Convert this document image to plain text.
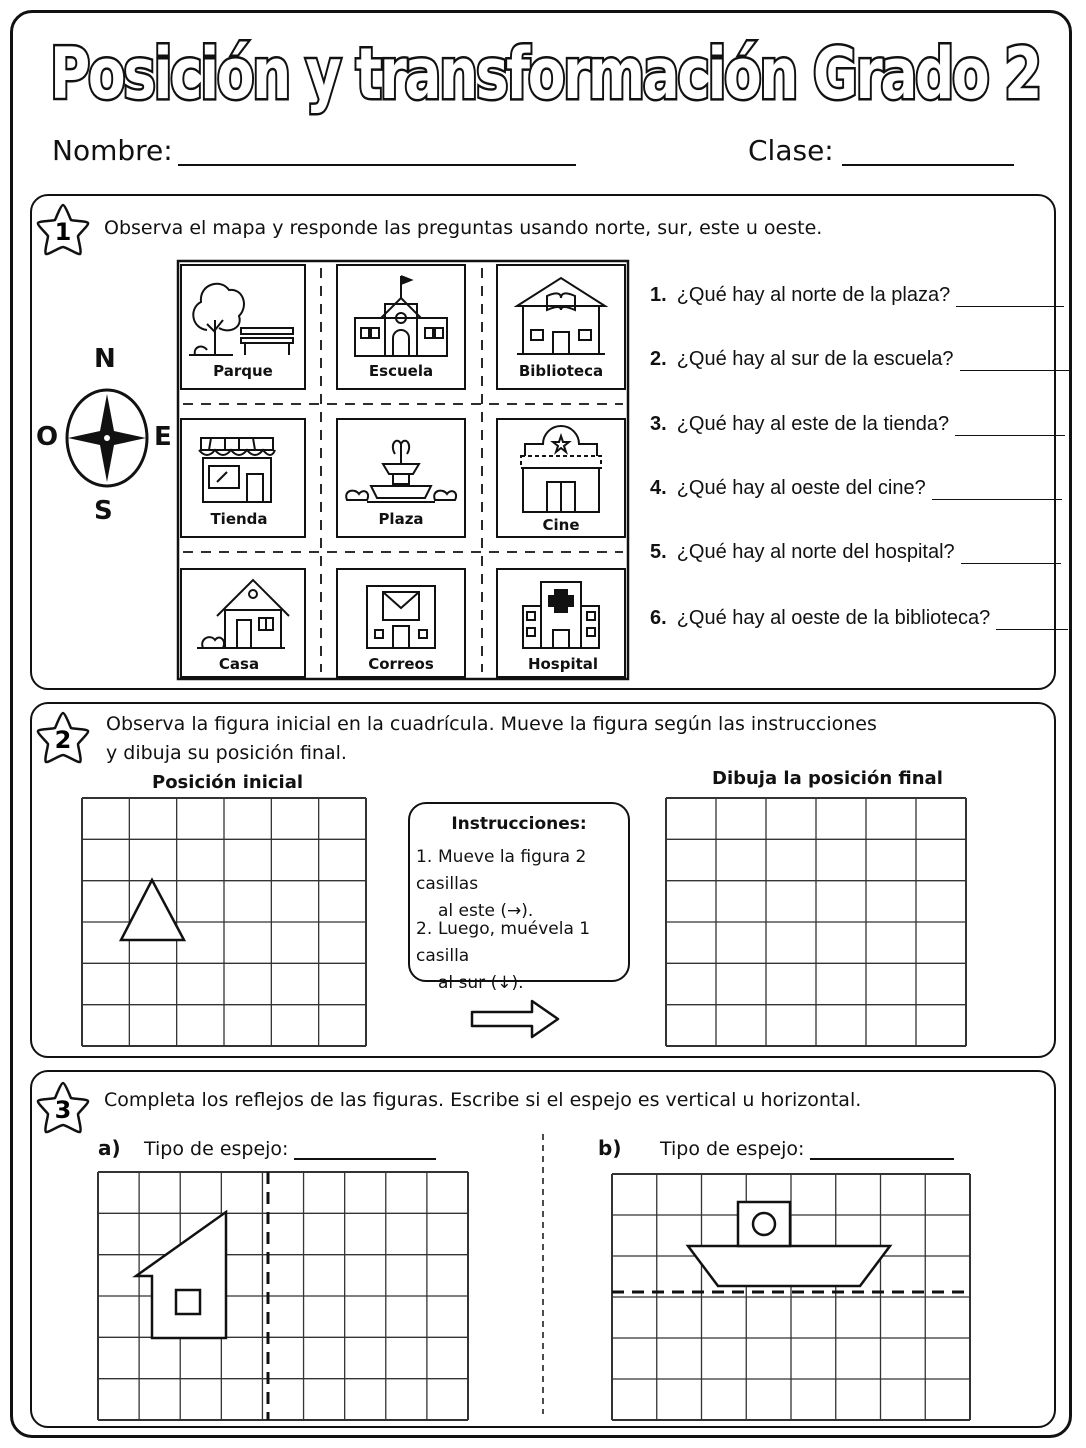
Posición y transformación Grado 2
Nombre:	Clase:
1 Observa el mapa y responde las preguntas usando norte, sur, este u oeste.
N
S
O	E
Parque	Escuela	Biblioteca
Tienda	Plaza	Cine
Casa	Correos	Hospital
1. ¿Qué hay al norte de la plaza?
2. ¿Qué hay al sur de la escuela?
3. ¿Qué hay al este de la tienda?
4. ¿Qué hay al oeste del cine?
5. ¿Qué hay al norte del hospital?
6. ¿Qué hay al oeste de la biblioteca?
2
Observa la figura inicial en la cuadrícula. Mueve la figura según las instrucciones
y dibuja su posición final.
Posición inicial	Dibuja la posición final
Instrucciones:
1. Mueve la figura 2 casillas
al este (→).
2. Luego, muévela 1 casilla
al sur (↓).
3 Completa los reflejos de las figuras. Escribe si el espejo es vertical u horizontal.
a) Tipo de espejo:	b) Tipo de espejo:
